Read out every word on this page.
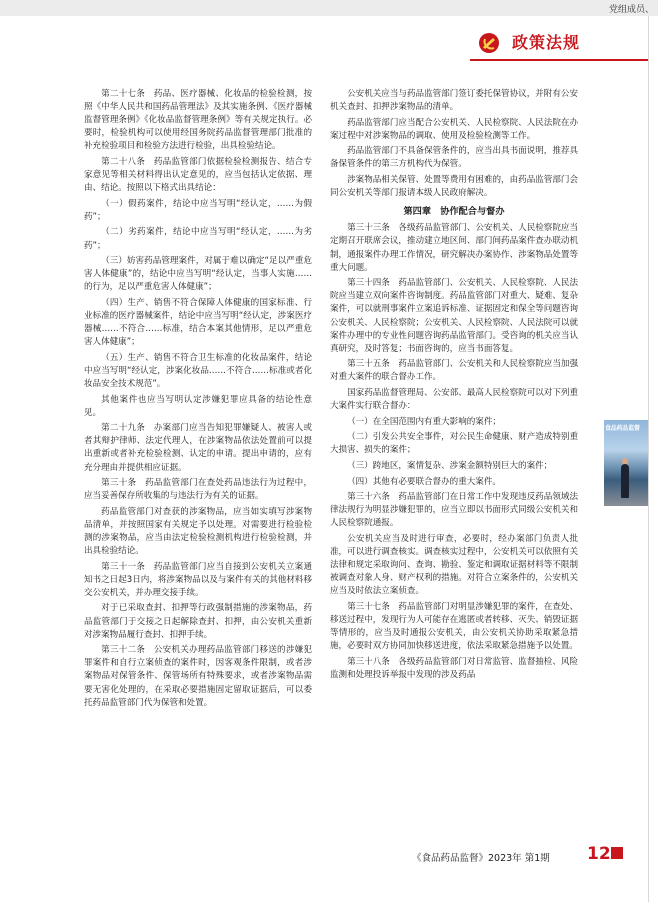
党组成员、
政策法规

第二十七条　药品、医疗器械、化妆品的检验检测，按照《中华人民共和国药品管理法》及其实施条例、《医疗器械监督管理条例》《化妆品监督管理条例》等有关规定执行。必要时，检验机构可以使用经国务院药品监督管理部门批准的补充检验项目和检验方法进行检验，出具检验结论。

第二十八条　药品监管部门依据检验检测报告、结合专家意见等相关材料得出认定意见的，应当包括认定依据、理由、结论。按照以下格式出具结论：

（一）假药案件，结论中应当写明“经认定，……为假药”；

（二）劣药案件，结论中应当写明“经认定，……为劣药”；

（三）妨害药品管理案件，对属于难以确定“足以严重危害人体健康”的，结论中应当写明“经认定，当事人实施……的行为，足以严重危害人体健康”；

（四）生产、销售不符合保障人体健康的国家标准、行业标准的医疗器械案件，结论中应当写明“经认定，涉案医疗器械……不符合……标准，结合本案其他情形，足以严重危害人体健康”；

（五）生产、销售不符合卫生标准的化妆品案件，结论中应当写明“经认定，涉案化妆品……不符合……标准或者化妆品安全技术规范”。

其他案件也应当写明认定涉嫌犯罪应具备的结论性意见。

第二十九条　办案部门应当告知犯罪嫌疑人、被害人或者其辩护律师、法定代理人，在涉案物品依法处置前可以提出重新或者补充检验检测、认定的申请。提出申请的，应有充分理由并提供相应证据。

第三十条　药品监管部门在查处药品违法行为过程中，应当妥善保存所收集的与违法行为有关的证据。

药品监管部门对查获的涉案物品，应当如实填写涉案物品清单，并按照国家有关规定予以处理。对需要进行检验检测的涉案物品，应当由法定检验检测机构进行检验检测，并出具检验结论。

第三十一条　药品监管部门应当自接到公安机关立案通知书之日起3日内，将涉案物品以及与案件有关的其他材料移交公安机关，并办理交接手续。

对于已采取查封、扣押等行政强制措施的涉案物品，药品监管部门于交接之日起解除查封、扣押，由公安机关重新对涉案物品履行查封、扣押手续。

第三十二条　公安机关办理药品监管部门移送的涉嫌犯罪案件和自行立案侦查的案件时，因客观条件限制，或者涉案物品对保管条件、保管场所有特殊要求，或者涉案物品需要无害化处理的，在采取必要措施固定留取证据后，可以委托药品监管部门代为保管和处置。

公安机关应当与药品监管部门签订委托保管协议，并附有公安机关查封、扣押涉案物品的清单。

药品监管部门应当配合公安机关、人民检察院、人民法院在办案过程中对涉案物品的调取、使用及检验检测等工作。

药品监管部门不具备保管条件的，应当出具书面说明，推荐具备保管条件的第三方机构代为保管。

涉案物品相关保管、处置等费用有困难的，由药品监管部门会同公安机关等部门报请本级人民政府解决。

第四章　协作配合与督办

第三十三条　各级药品监管部门、公安机关、人民检察院应当定期召开联席会议，推动建立地区间、部门间药品案件查办联动机制，通报案件办理工作情况，研究解决办案协作、涉案物品处置等重大问题。

第三十四条　药品监管部门、公安机关、人民检察院、人民法院应当建立双向案件咨询制度。药品监管部门对重大、疑难、复杂案件，可以就刑事案件立案追诉标准、证据固定和保全等问题咨询公安机关、人民检察院；公安机关、人民检察院、人民法院可以就案件办理中的专业性问题咨询药品监管部门。受咨询的机关应当认真研究，及时答复；书面咨询的，应当书面答复。

第三十五条　药品监管部门、公安机关和人民检察院应当加强对重大案件的联合督办工作。

国家药品监督管理局、公安部、最高人民检察院可以对下列重大案件实行联合督办：

（一）在全国范围内有重大影响的案件；

（二）引发公共安全事件，对公民生命健康、财产造成特别重大损害、损失的案件；

（三）跨地区，案情复杂、涉案金额特别巨大的案件；

（四）其他有必要联合督办的重大案件。

第三十六条　药品监管部门在日常工作中发现违反药品领域法律法规行为明显涉嫌犯罪的，应当立即以书面形式同级公安机关和人民检察院通报。

公安机关应当及时进行审查，必要时，经办案部门负责人批准，可以进行调查核实。调查核实过程中，公安机关可以依照有关法律和规定采取询问、查询、勘验、鉴定和调取证据材料等不限制被调查对象人身、财产权利的措施。对符合立案条件的，公安机关应当及时依法立案侦查。

第三十七条　药品监管部门对明显涉嫌犯罪的案件，在查处、移送过程中，发现行为人可能存在逃匿或者转移、灭失、销毁证据等情形的，应当及时通报公安机关，由公安机关协助采取紧急措施，必要时双方协同加快移送进度，依法采取紧急措施予以处置。

第三十八条　各级药品监管部门对日常监管、监督抽检、风险监测和处理投诉举报中发现的涉及药品

食品药品监督
《食品药品监督》2023年 第1期 12
